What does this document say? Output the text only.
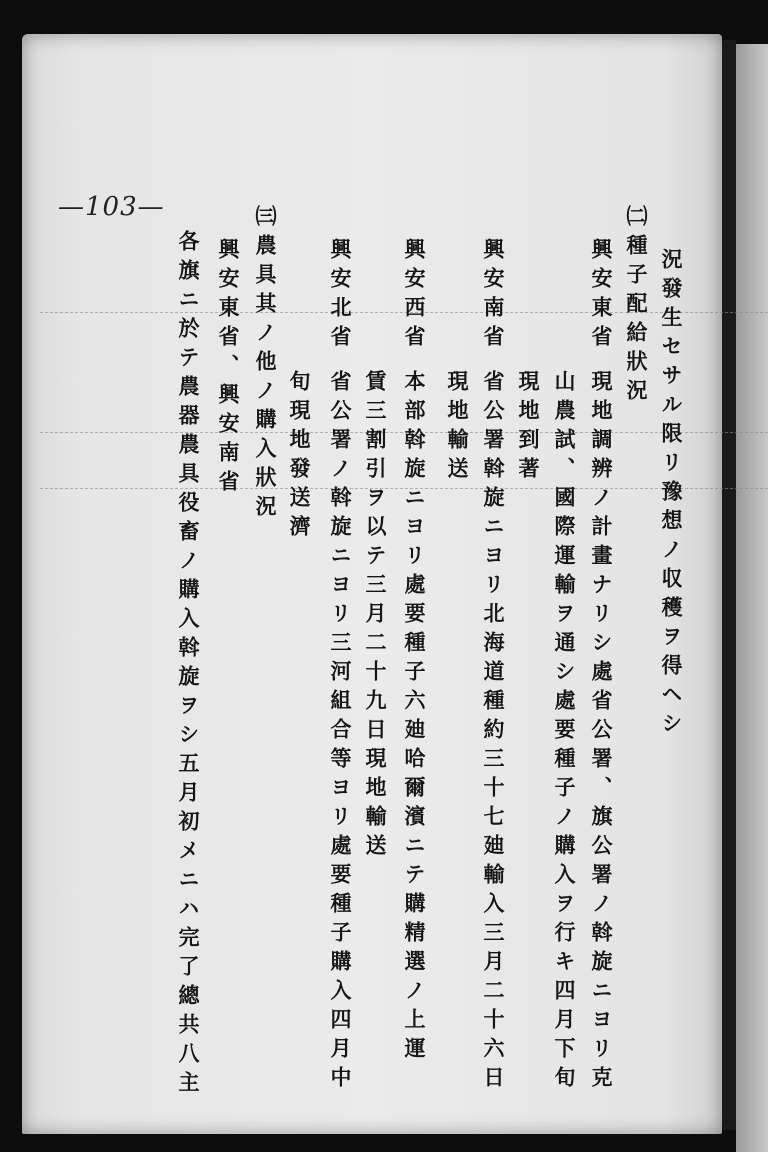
—103—
況發生セサル限リ豫想ノ収穫ヲ得ヘシ
㈡種子配給狀況
興安東省
現地調辨ノ計畫ナリシ處省公署、旗公署ノ斡旋ニヨリ克
山農試、國際運輸ヲ通シ處要種子ノ購入ヲ行キ四月下旬
現地到著
興安南省
省公署斡旋ニヨリ北海道種約三十七廸輸入三月二十六日
現地輸送
興安西省
本部斡旋ニヨリ處要種子六廸哈爾濱ニテ購精選ノ上運
賃三割引ヲ以テ三月二十九日現地輸送
興安北省
省公署ノ斡旋ニヨリ三河組合等ヨリ處要種子購入四月中
旬現地發送濟
㈢農具其ノ他ノ購入狀況
興安東省、興安南省
各旗ニ於テ農器農具役畜ノ購入斡旋ヲシ五月初メニハ完了總共八主
